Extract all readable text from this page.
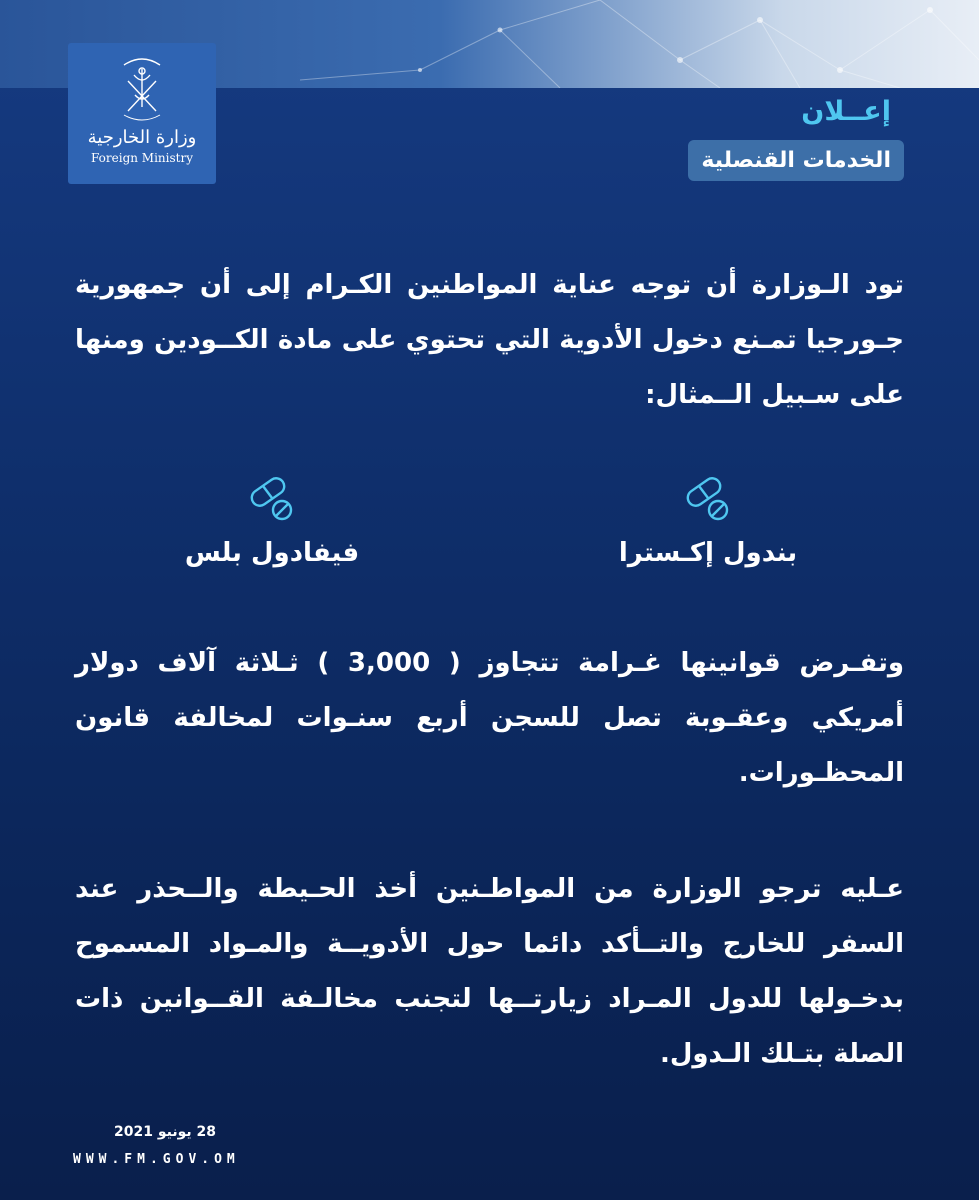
وزارة الخارجية
Foreign Ministry
إعــلان
الخدمات القنصلية
تود الـوزارة أن توجه عناية المواطنين الكـرام إلى أن جمهورية جـورجيا تمـنع دخول الأدوية التي تحتوي على مادة الكــودين ومنها على سـبيل الــمثال:
بندول إكـسترا
فيفادول بلس
وتفـرض قوانينها غـرامة تتجاوز ( 3,000 ) ثـلاثة آلاف دولار أمريكي وعقـوبة تصل للسجن أربع سنـوات لمخالفة قانون المحظـورات.
عـليه ترجو الوزارة من المواطـنين أخذ الحـيطة والــحذر عند السفر للخارج والتــأكد دائما حول الأدويــة والمـواد المسموح بدخـولها للدول المـراد زيارتــها لتجنب مخالـفة القــوانين ذات الصلة بتـلك الـدول.
28 يونيو 2021
WWW.FM.GOV.OM
